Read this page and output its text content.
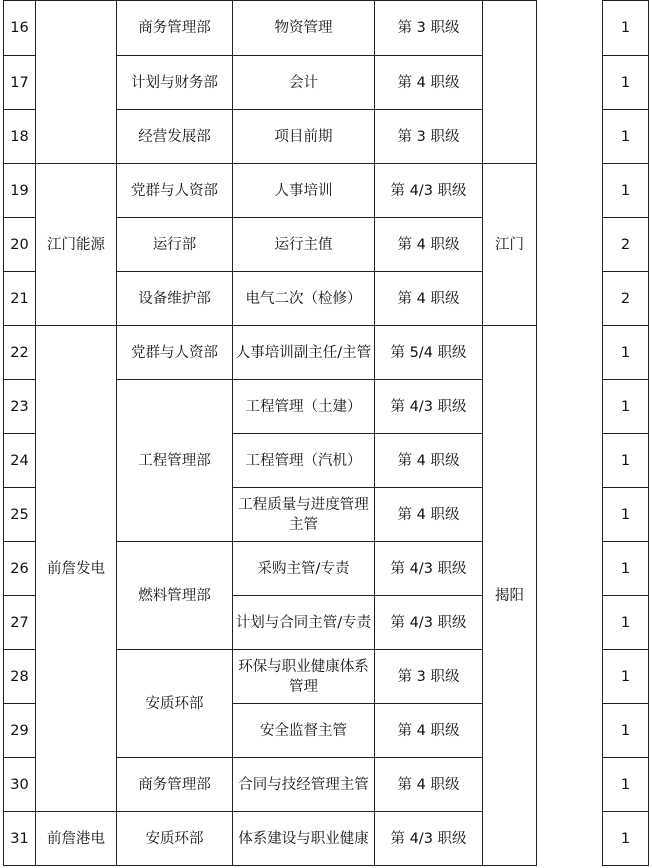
16		商务管理部	物资管理	第 3 职级			1
17		计划与财务部	会计	第 4 职级			1
18		经营发展部	项目前期	第 3 职级			1
19	江门能源	党群与人资部	人事培训	第 4/3 职级	江门		1
20		运行部	运行主值	第 4 职级			2
21		设备维护部	电气二次（检修）	第 4 职级			2
22	前詹发电	党群与人资部	人事培训副主任/主管	第 5/4 职级	揭阳		1
23		工程管理部	工程管理（土建）	第 4/3 职级			1
24			工程管理（汽机）	第 4 职级			1
25			工程质量与进度管理主管	第 4 职级			1
26		燃料管理部	采购主管/专责	第 4/3 职级			1
27			计划与合同主管/专责	第 4/3 职级			1
28		安质环部	环保与职业健康体系管理	第 3 职级			1
29			安全监督主管	第 4 职级			1
30		商务管理部	合同与技经管理主管	第 4 职级			1
31	前詹港电	安质环部	体系建设与职业健康	第 4/3 职级			1
